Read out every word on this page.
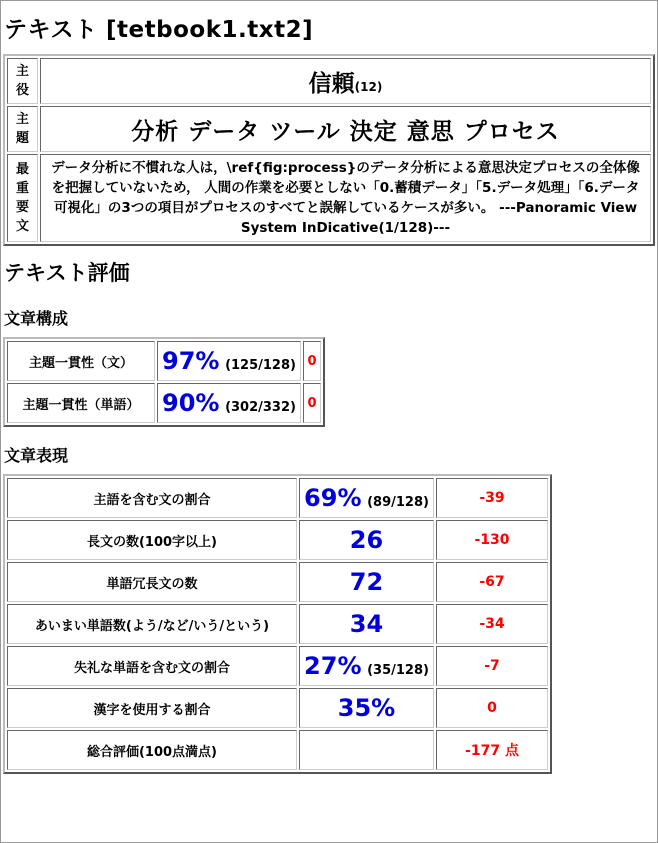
テキスト [tetbook1.txt2]
主役	信頼(12)
主題	分析 データ ツール 決定 意思 プロセス
最重要文	データ分析に不慣れな人は，\ref{fig:process}のデータ分析による意思決定プロセスの全体像を把握していないため， 人間の作業を必要としない「0.蓄積データ」「5.データ処理」「6.データ可視化」の3つの項目がプロセスのすべてと誤解しているケースが多い。 ---Panoramic View System InDicative(1/128)---
テキスト評価
文章構成
主題一貫性（文）	97% (125/128)	0
主題一貫性（単語）	90% (302/332)	0
文章表現
主語を含む文の割合	69% (89/128)	-39
長文の数(100字以上)	26	-130
単語冗長文の数	72	-67
あいまい単語数(よう/など/いう/という)	34	-34
失礼な単語を含む文の割合	27% (35/128)	-7
漢字を使用する割合	35%	0
総合評価(100点満点)		-177 点
